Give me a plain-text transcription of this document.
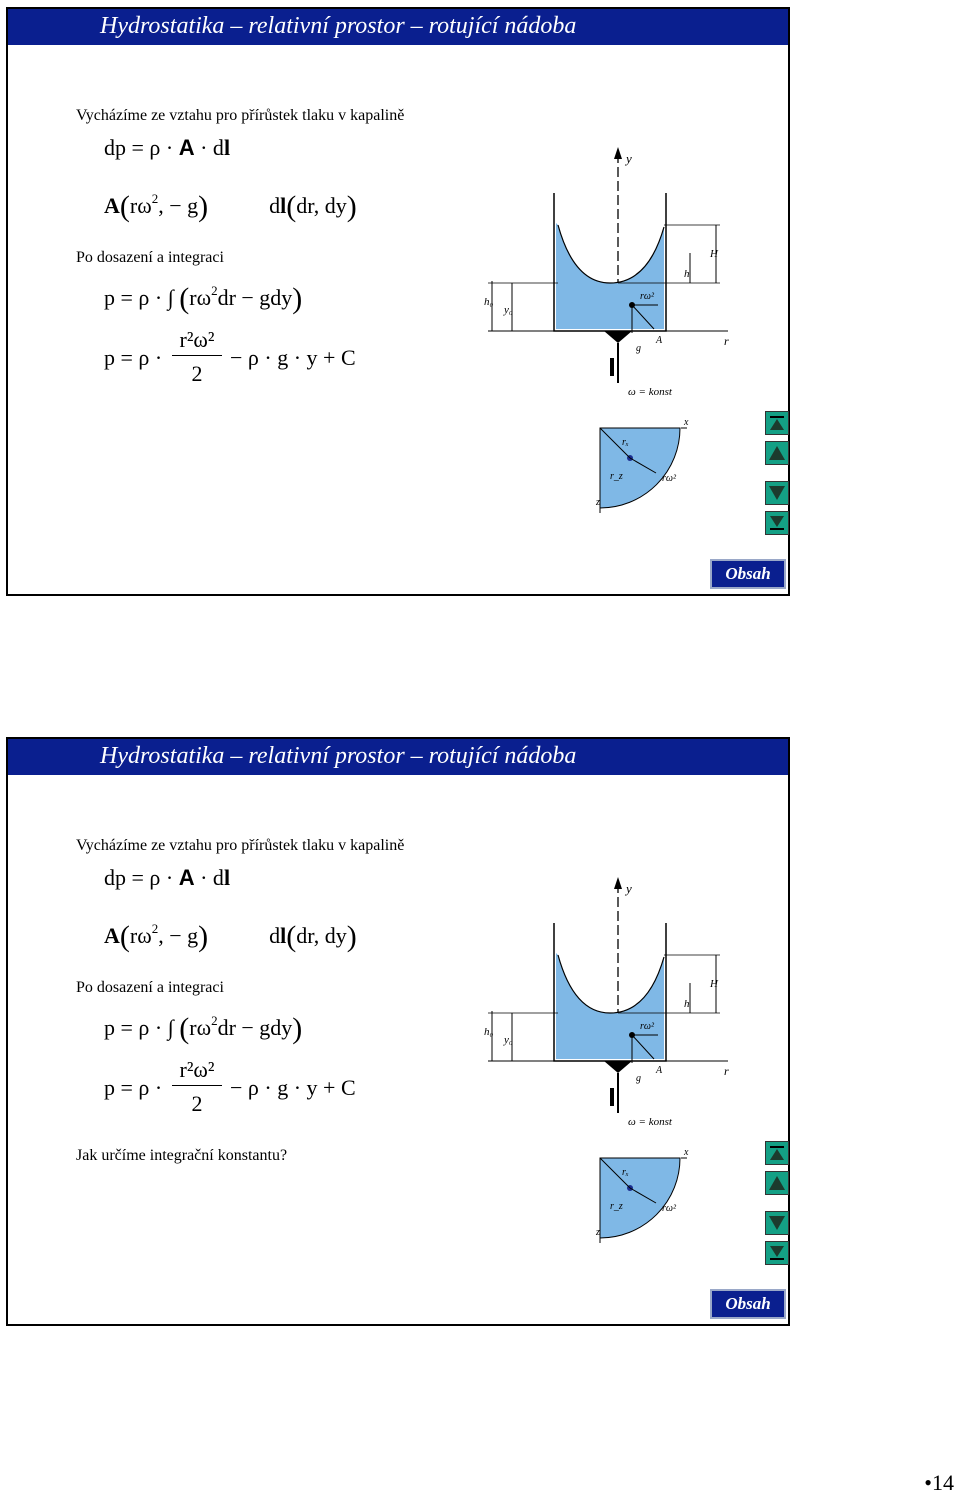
Hydrostatika – relativní prostor – rotující nádoba
Vycházíme ze vztahu pro přírůstek tlaku v kapalině
dp = ρ · A · dl
$A(r\omega^2$, − g)	dl(dr, dy)
Po dosazení a integraci
p = ρ · ∫ $(r\omega^2dr - gdy)$
p = ρ ·
r²ω²
2
− ρ · g · y + C
y
r
h₀
y₀
h
H
rω²
A
g
ω = konst
x
rₓ
r_z	rω²
z
Obsah
Hydrostatika – relativní prostor – rotující nádoba
Vycházíme ze vztahu pro přírůstek tlaku v kapalině
dp = ρ · A · dl
$A(r\omega^2$, − g)	dl(dr, dy)
Po dosazení a integraci
p = ρ · ∫ $(r\omega^2dr - gdy)$
p = ρ ·
r²ω²
2
− ρ · g · y + C
Jak určíme integrační konstantu?
y
r
h₀
y₀
h
H
rω²
A
g
ω = konst
x
rₓ
r_z	rω²
z
Obsah
•14
